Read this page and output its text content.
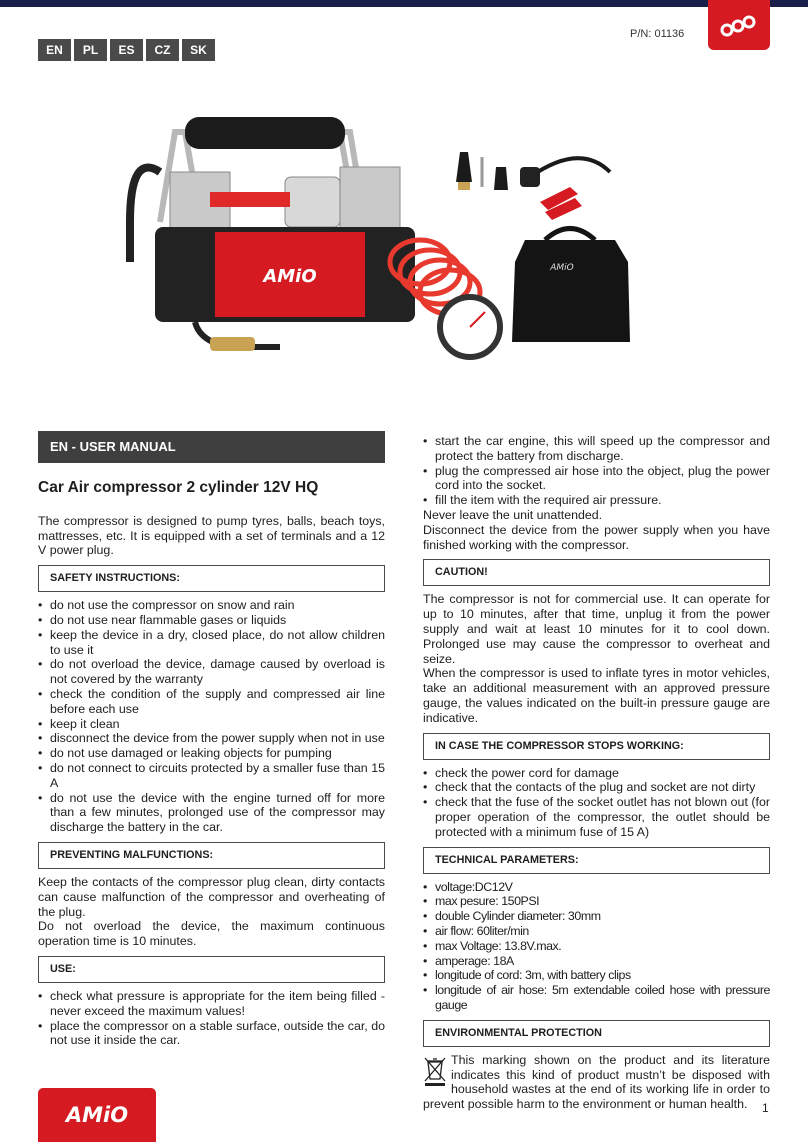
P/N: 01136
EN	PL	ES	CZ	SK
AMiO	AMiO
EN - USER MANUAL
Car Air compressor 2 cylinder 12V HQ

The compressor is designed to pump tyres, balls, beach toys, mattresses, etc. It is equipped with a set of terminals and a 12 V power plug.

SAFETY INSTRUCTIONS:
• do not use the compressor on snow and rain
• do not use near flammable gases or liquids
• keep the device in a dry, closed place, do not allow children to use it
• do not overload the device, damage caused by overload is not covered by the warranty
• check the condition of the supply and compressed air line before each use
• keep it clean
• disconnect the device from the power supply when not in use
• do not use damaged or leaking objects for pumping
• do not connect to circuits protected by a smaller fuse than 15 A
• do not use the device with the engine turned off for more than a few minutes, prolonged use of the compressor may discharge the battery in the car.
PREVENTING MALFUNCTIONS:

Keep the contacts of the compressor plug clean, dirty contacts can cause malfunction of the compressor and overheating of the plug.

Do not overload the device, the maximum continuous operation time is 10 minutes.

USE:
• check what pressure is appropriate for the item being filled - never exceed the maximum values!
• place the compressor on a stable surface, outside the car, do not use it inside the car.
• start the car engine, this will speed up the compressor and protect the battery from discharge.
• plug the compressed air hose into the object, plug the power cord into the socket.
• fill the item with the required air pressure.

Never leave the unit unattended.

Disconnect the device from the power supply when you have finished working with the compressor.

CAUTION!

The compressor is not for commercial use. It can operate for up to 10 minutes, after that time, unplug it from the power supply and wait at least 10 minutes for it to cool down. Prolonged use may cause the compressor to overheat and seize.

When the compressor is used to inflate tyres in motor vehicles, take an additional measurement with an approved pressure gauge, the values indicated on the built-in pressure gauge are indicative.

IN CASE THE COMPRESSOR STOPS WORKING:
• check the power cord for damage
• check that the contacts of the plug and socket are not dirty
• check that the fuse of the socket outlet has not blown out (for proper operation of the compressor, the outlet should be protected with a minimum fuse of 15 A)
TECHNICAL PARAMETERS:
• voltage:DC12V
• max pesure: 150PSI
• double Cylinder diameter: 30mm
• air flow: 60liter/min
• max Voltage: 13.8V.max.
• amperage: 18A
• longitude of cord: 3m, with battery clips
• longitude of air hose: 5m extendable coiled hose with pressure gauge
ENVIRONMENTAL PROTECTION

This marking shown on the product and its literature indicates this kind of product mustn’t be disposed with household wastes at the end of its working life in order to prevent possible harm to the environment or human health.

AMiO	1
